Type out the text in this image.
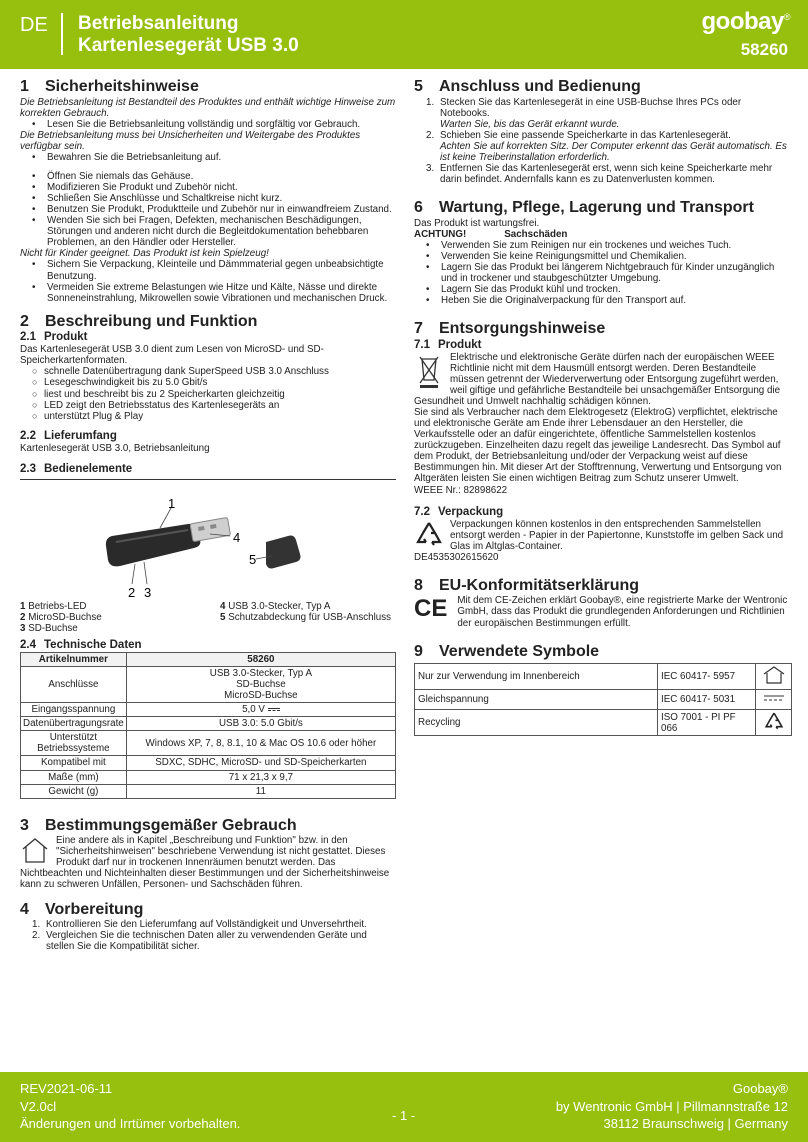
DE Betriebsanleitung
Kartenlesegerät USB 3.0
goobay®
58260
1 Sicherheitshinweise
Die Betriebsanleitung ist Bestandteil des Produktes und enthält wichtige Hinweise zum korrekten Gebrauch.
• Lesen Sie die Betriebsanleitung vollständig und sorgfältig vor Gebrauch.
Die Betriebsanleitung muss bei Unsicherheiten und Weitergabe des Produktes verfügbar sein.
• Bewahren Sie die Betriebsanleitung auf.
• Öffnen Sie niemals das Gehäuse.
• Modifizieren Sie Produkt und Zubehör nicht.
• Schließen Sie Anschlüsse und Schaltkreise nicht kurz.
• Benutzen Sie Produkt, Produktteile und Zubehör nur in einwandfreiem Zustand.
• Wenden Sie sich bei Fragen, Defekten, mechanischen Beschädigungen, Störungen und anderen nicht durch die Begleitdokumentation behebbaren Problemen, an den Händler oder Hersteller.
Nicht für Kinder geeignet. Das Produkt ist kein Spielzeug!
• Sichern Sie Verpackung, Kleinteile und Dämmmaterial gegen unbeabsichtigte Benutzung.
• Vermeiden Sie extreme Belastungen wie Hitze und Kälte, Nässe und direkte Sonneneinstrahlung, Mikrowellen sowie Vibrationen und mechanischen Druck.
2 Beschreibung und Funktion
2.1 Produkt
Das Kartenlesegerät USB 3.0 dient zum Lesen von MicroSD- und SD-Speicherkartenformaten.
○ schnelle Datenübertragung dank SuperSpeed USB 3.0 Anschluss
○ Lesegeschwindigkeit bis zu 5.0 Gbit/s
○ liest und beschreibt bis zu 2 Speicherkarten gleichzeitig
○ LED zeigt den Betriebsstatus des Kartenlesegeräts an
○ unterstützt Plug & Play
2.2 Lieferumfang
Kartenlesegerät USB 3.0, Betriebsanleitung
2.3 Bedienelemente
1
2 3
4
5
1 Betriebs-LED	4 USB 3.0-Stecker, Typ A
2 MicroSD-Buchse	5 Schutzabdeckung für USB-Anschluss
3 SD-Buchse
2.4 Technische Daten
Artikelnummer	58260
Anschlüsse	USB 3.0-Stecker, Typ A
SD-Buchse
MicroSD-Buchse
Eingangsspannung	5,0 V
Datenübertragungsrate	USB 3.0: 5.0 Gbit/s
Unterstützt Betriebssysteme	Windows XP, 7, 8, 8.1, 10 & Mac OS 10.6 oder höher
Kompatibel mit	SDXC, SDHC, MicroSD- und SD-Speicherkarten
Maße (mm)	71 x 21,3 x 9,7
Gewicht (g)	11
3 Bestimmungsgemäßer Gebrauch
Eine andere als in Kapitel „Beschreibung und Funktion" bzw. in den "Sicherheitshinweisen" beschriebene Verwendung ist nicht gestattet. Dieses Produkt darf nur in trockenen Innenräumen benutzt werden. Das Nichtbeachten und Nichteinhalten dieser Bestimmungen und der Sicherheitshinweise kann zu schweren Unfällen, Personen- und Sachschäden führen.
4 Vorbereitung
1. Kontrollieren Sie den Lieferumfang auf Vollständigkeit und Unversehrtheit.
2. Vergleichen Sie die technischen Daten aller zu verwendenden Geräte und stellen Sie die Kompatibilität sicher.
5 Anschluss und Bedienung
1. Stecken Sie das Kartenlesegerät in eine USB-Buchse Ihres PCs oder Notebooks.
Warten Sie, bis das Gerät erkannt wurde.
2. Schieben Sie eine passende Speicherkarte in das Kartenlesegerät.
Achten Sie auf korrekten Sitz. Der Computer erkennt das Gerät automatisch. Es ist keine Treiberinstallation erforderlich.
3. Entfernen Sie das Kartenlesegerät erst, wenn sich keine Speicherkarte mehr darin befindet. Andernfalls kann es zu Datenverlusten kommen.
6 Wartung, Pflege, Lagerung und Transport
Das Produkt ist wartungsfrei.
ACHTUNG!	Sachschäden
• Verwenden Sie zum Reinigen nur ein trockenes und weiches Tuch.
• Verwenden Sie keine Reinigungsmittel und Chemikalien.
• Lagern Sie das Produkt bei längerem Nichtgebrauch für Kinder unzugänglich und in trockener und staubgeschützter Umgebung.
• Lagern Sie das Produkt kühl und trocken.
• Heben Sie die Originalverpackung für den Transport auf.
7 Entsorgungshinweise
7.1 Produkt
Elektrische und elektronische Geräte dürfen nach der europäischen WEEE Richtlinie nicht mit dem Hausmüll entsorgt werden. Deren Bestandteile müssen getrennt der Wiederverwertung oder Entsorgung zugeführt werden, weil giftige und gefährliche Bestandteile bei unsachgemäßer Entsorgung die Gesundheit und Umwelt nachhaltig schädigen können.
Sie sind als Verbraucher nach dem Elektrogesetz (ElektroG) verpflichtet, elektrische und elektronische Geräte am Ende ihrer Lebensdauer an den Hersteller, die Verkaufsstelle oder an dafür eingerichtete, öffentliche Sammelstellen kostenlos zurückzugeben. Einzelheiten dazu regelt das jeweilige Landesrecht. Das Symbol auf dem Produkt, der Betriebsanleitung und/oder der Verpackung weist auf diese Bestimmungen hin. Mit dieser Art der Stofftrennung, Verwertung und Entsorgung von Altgeräten leisten Sie einen wichtigen Beitrag zum Schutz unserer Umwelt.
WEEE Nr.: 82898622
7.2 Verpackung
Verpackungen können kostenlos in den entsprechenden Sammelstellen entsorgt werden - Papier in der Papiertonne, Kunststoffe im gelben Sack und Glas im Altglas-Container.
DE4535302615620
8 EU-Konformitätserklärung
CE Mit dem CE-Zeichen erklärt Goobay®, eine registrierte Marke der Wentronic GmbH, dass das Produkt die grundlegenden Anforderungen und Richtlinien der europäischen Bestimmungen erfüllt.
9 Verwendete Symbole
Nur zur Verwendung im Innenbereich	IEC 60417- 5957	
Gleichspannung	IEC 60417- 5031	
Recycling	ISO 7001 - PI PF 066	
REV2021-06-11
V2.0cl
Änderungen und Irrtümer vorbehalten.
- 1 -
Goobay®
by Wentronic GmbH | Pillmannstraße 12
38112 Braunschweig | Germany
